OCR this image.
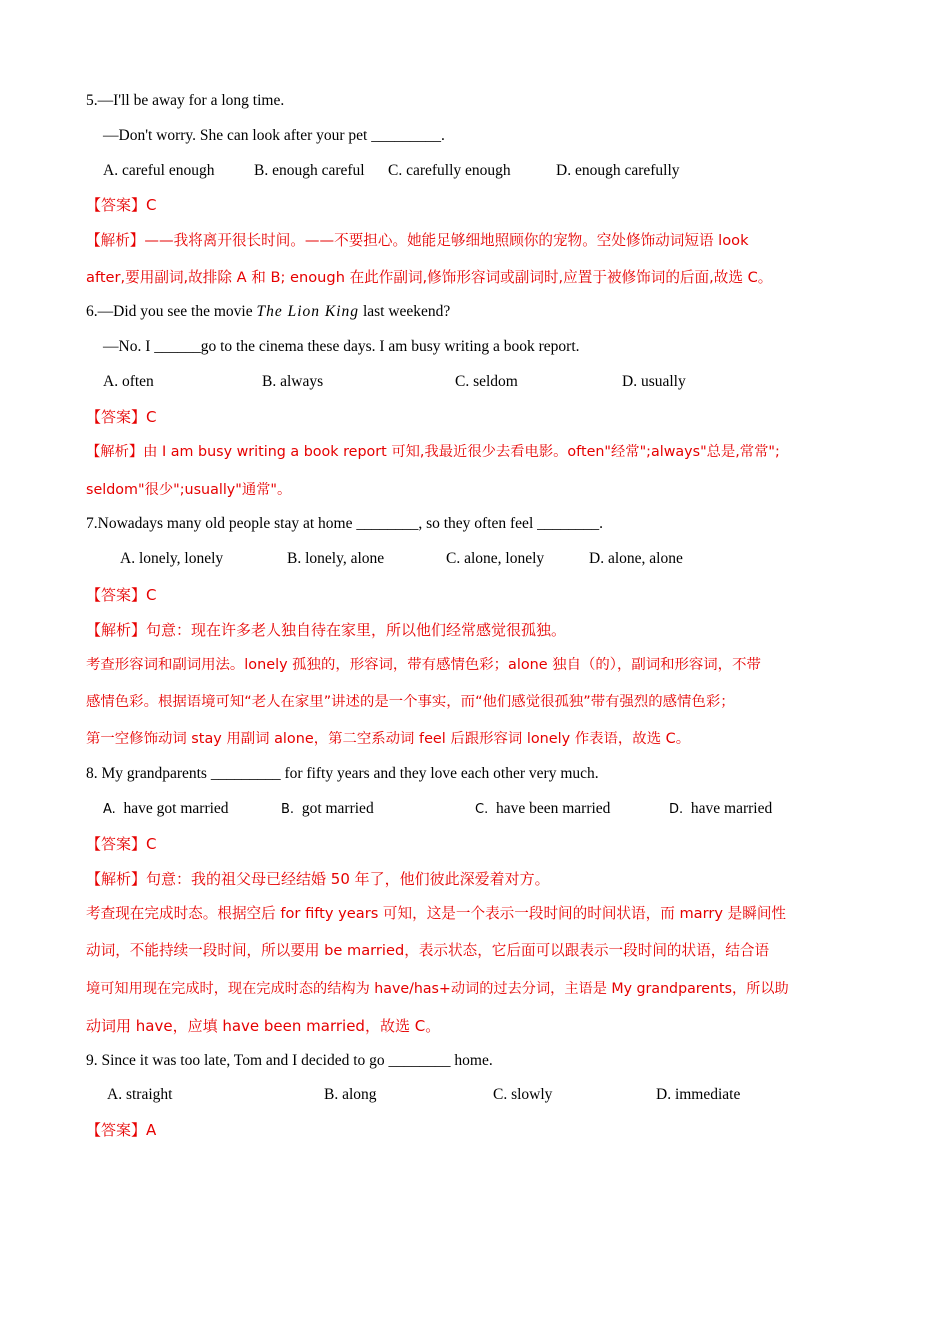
5.—I'll be away for a long time.
—Don't worry. She can look after your pet _________.
A. careful enough	B. enough careful C. carefully enough	D. enough carefully
【答案】C
【解析】——我将离开很长时间。——不要担心。她能足够细地照顾你的宠物。空处修饰动词短语 look
after,要用副词,故排除 A 和 B; enough 在此作副词,修饰形容词或副词时,应置于被修饰词的后面,故选 C。
6.—Did you see the movie The Lion King last weekend?
—No. I ______go to the cinema these days. I am busy writing a book report.
A. often	B. always	C. seldom	D. usually
【答案】C
【解析】由 I am busy writing a book report 可知,我最近很少去看电影。often"经常";always"总是,常常";
seldom"很少";usually"通常"。
7.Nowadays many old people stay at home ________, so they often feel ________.
A. lonely, lonely	B. lonely, alone	C. alone, lonely	D. alone, alone
【答案】C
【解析】句意：现在许多老人独自待在家里，所以他们经常感觉很孤独。
考查形容词和副词用法。lonely 孤独的，形容词，带有感情色彩；alone 独自（的），副词和形容词，不带
感情色彩。根据语境可知“老人在家里”讲述的是一个事实，而“他们感觉很孤独”带有强烈的感情色彩；
第一空修饰动词 stay 用副词 alone，第二空系动词 feel 后跟形容词 lonely 作表语，故选 C。
8. My grandparents _________ for fifty years and they love each other very much.
A. have got married	B. got married	C. have been married	D. have married
【答案】C
【解析】句意：我的祖父母已经结婚 50 年了，他们彼此深爱着对方。
考查现在完成时态。根据空后 for fifty years 可知，这是一个表示一段时间的时间状语，而 marry 是瞬间性
动词，不能持续一段时间，所以要用 be married，表示状态，它后面可以跟表示一段时间的状语，结合语
境可知用现在完成时，现在完成时态的结构为 have/has+动词的过去分词，主语是 My grandparents，所以助
动词用 have，应填 have been married，故选 C。
9. Since it was too late, Tom and I decided to go ________ home.
A. straight	B. along	C. slowly	D. immediate
【答案】A
